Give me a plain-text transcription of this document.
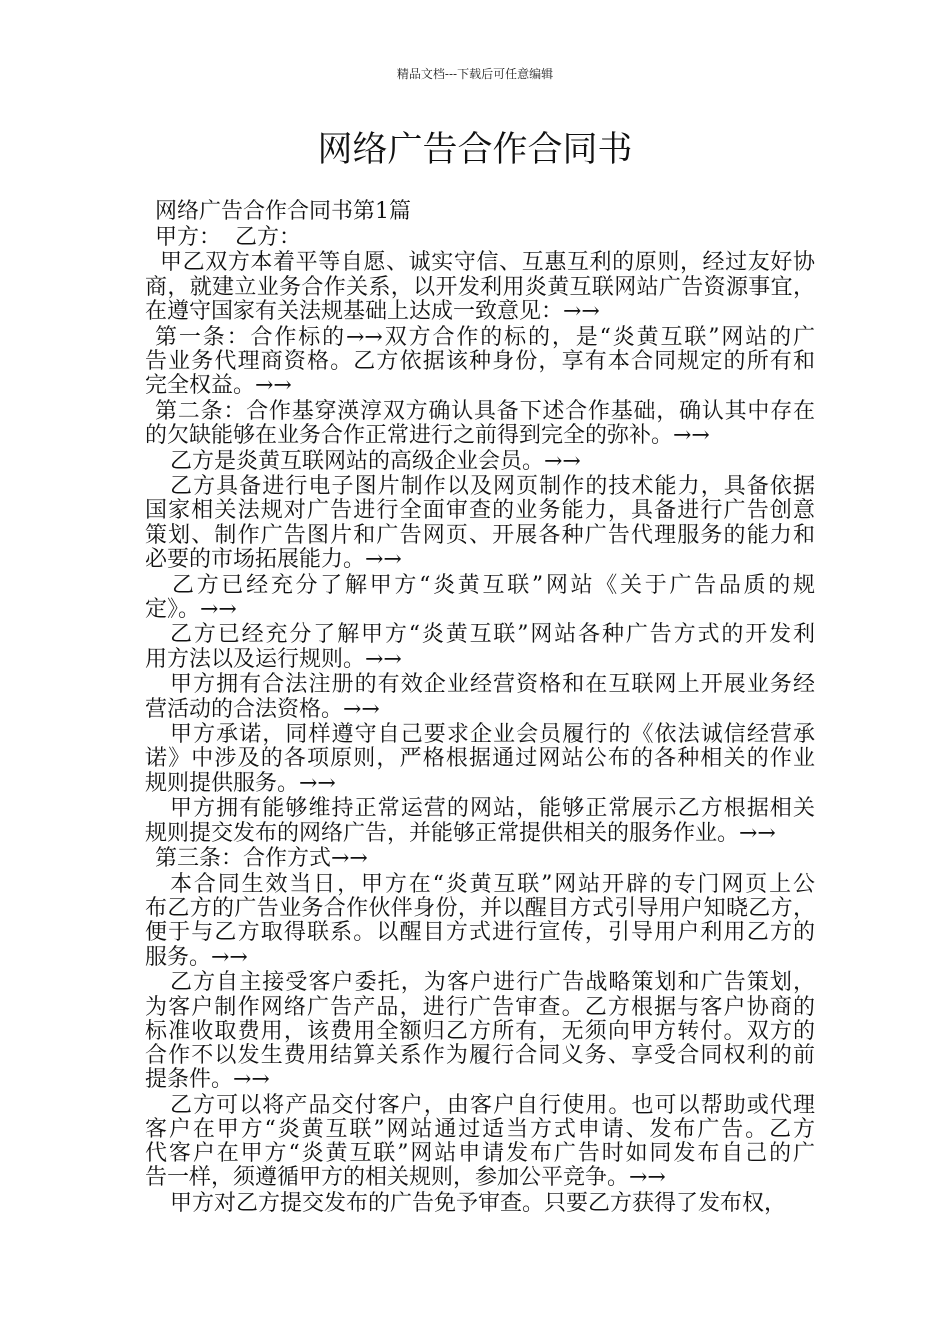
精品文档---下载后可任意编辑
网络广告合作合同书
网络广告合作合同书第1篇
甲方：  乙方：
甲乙双方本着平等自愿、诚实守信、互惠互利的原则，经过友好协
商，就建立业务合作关系，以开发利用炎黄互联网站广告资源事宜，
在遵守国家有关法规基础上达成一致意见：→→
第一条：合作标的→→双方合作的标的，是“炎黄互联”网站的广
告业务代理商资格。乙方依据该种身份，享有本合同规定的所有和
完全权益。→→
第二条：合作基穿渶淳双方确认具备下述合作基础，确认其中存在
的欠缺能够在业务合作正常进行之前得到完全的弥补。→→
乙方是炎黄互联网站的高级企业会员。→→
乙方具备进行电子图片制作以及网页制作的技术能力，具备依据
国家相关法规对广告进行全面审查的业务能力，具备进行广告创意
策划、制作广告图片和广告网页、开展各种广告代理服务的能力和
必要的市场拓展能力。→→
乙方已经充分了解甲方“炎黄互联”网站《关于广告品质的规
定》。→→
乙方已经充分了解甲方“炎黄互联”网站各种广告方式的开发利
用方法以及运行规则。→→
甲方拥有合法注册的有效企业经营资格和在互联网上开展业务经
营活动的合法资格。→→
甲方承诺，同样遵守自己要求企业会员履行的《依法诚信经营承
诺》中涉及的各项原则，严格根据通过网站公布的各种相关的作业
规则提供服务。→→
甲方拥有能够维持正常运营的网站，能够正常展示乙方根据相关
规则提交发布的网络广告，并能够正常提供相关的服务作业。→→
第三条：合作方式→→
本合同生效当日，甲方在“炎黄互联”网站开辟的专门网页上公
布乙方的广告业务合作伙伴身份，并以醒目方式引导用户知晓乙方，
便于与乙方取得联系。以醒目方式进行宣传，引导用户利用乙方的
服务。→→
乙方自主接受客户委托，为客户进行广告战略策划和广告策划，
为客户制作网络广告产品，进行广告审查。乙方根据与客户协商的
标准收取费用，该费用全额归乙方所有，无须向甲方转付。双方的
合作不以发生费用结算关系作为履行合同义务、享受合同权利的前
提条件。→→
乙方可以将产品交付客户，由客户自行使用。也可以帮助或代理
客户在甲方“炎黄互联”网站通过适当方式申请、发布广告。乙方
代客户在甲方“炎黄互联”网站申请发布广告时如同发布自己的广
告一样，须遵循甲方的相关规则，参加公平竞争。→→
甲方对乙方提交发布的广告免予审查。只要乙方获得了发布权，
